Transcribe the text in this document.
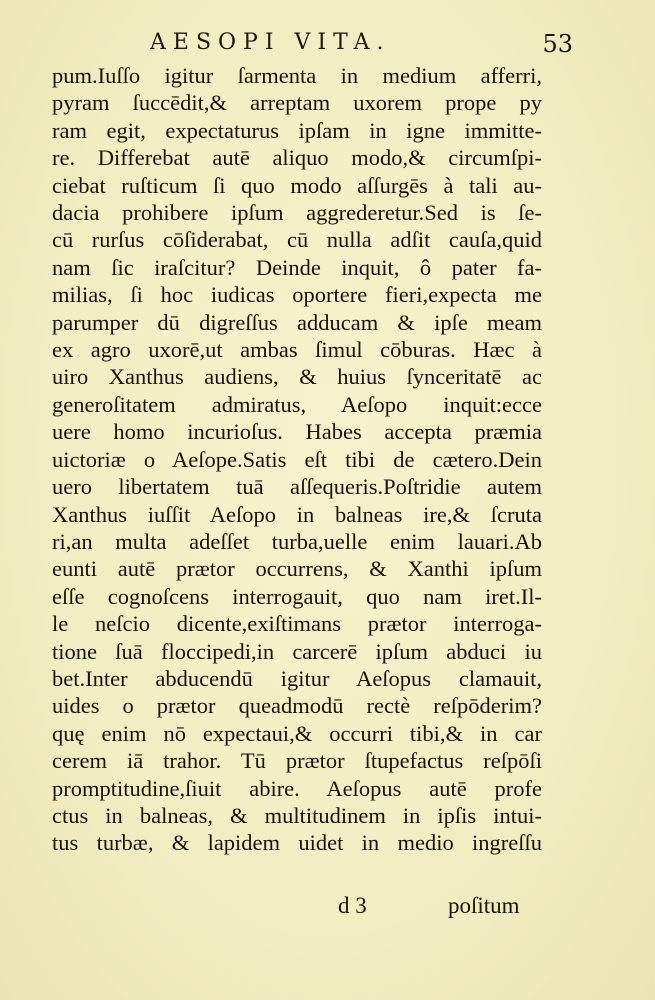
AESOPI VITA.	53
pum.Iuſſo igitur ſarmenta in medium afferri,
pyram ſuccēdit,& arreptam uxorem prope py
ram egit, expectaturus ipſam in igne immitte-
re. Differebat autē aliquo modo,& circumſpi-
ciebat ruſticum ſi quo modo aſſurgēs à tali au-
dacia prohibere ipſum aggrederetur.Sed is ſe-
cū rurſus cōſiderabat, cū nulla adſit cauſa,quid
nam ſic iraſcitur? Deinde inquit, ô pater fa-
milias, ſi hoc iudicas oportere fieri,expecta me
parumper dū digreſſus adducam & ipſe meam
ex agro uxorē,ut ambas ſimul cōburas. Hæc à
uiro Xanthus audiens, & huius ſynceritatē ac
generoſitatem admiratus, Aeſopo inquit:ecce
uere homo incurioſus. Habes accepta præmia
uictoriæ o Aeſope.Satis eſt tibi de cætero.Dein
uero libertatem tuā aſſequeris.Poſtridie autem
Xanthus iuſſit Aeſopo in balneas ire,& ſcruta
ri,an multa adeſſet turba,uelle enim lauari.Ab
eunti autē prætor occurrens, & Xanthi ipſum
eſſe cognoſcens interrogauit, quo nam iret.Il-
le neſcio dicente,exiſtimans prætor interroga-
tione ſuā floccipedi,in carcerē ipſum abduci iu
bet.Inter abducendū igitur Aeſopus clamauit,
uides o prætor queadmodū rectè reſpōderim?
quę enim nō expectaui,& occurri tibi,& in car
cerem iā trahor. Tū prætor ſtupefactus reſpōſi
promptitudine,ſiuit abire. Aeſopus autē profe
ctus in balneas, & multitudinem in ipſis intui-
tus turbæ, & lapidem uidet in medio ingreſſu
d 3	poſitum
